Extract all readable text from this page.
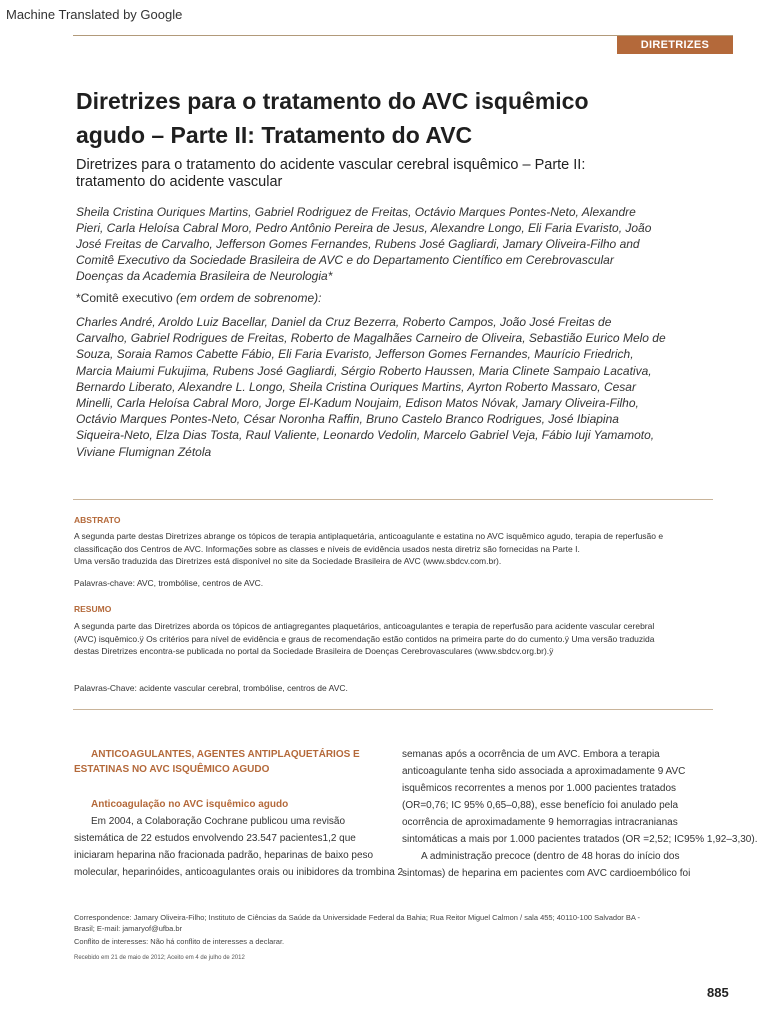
Machine Translated by Google
DIRETRIZES
Diretrizes para o tratamento do AVC isquêmico
agudo – Parte II: Tratamento do AVC
Diretrizes para o tratamento do acidente vascular cerebral isquêmico – Parte II:
tratamento do acidente vascular
Sheila Cristina Ouriques Martins, Gabriel Rodriguez de Freitas, Octávio Marques Pontes-Neto, Alexandre
Pieri, Carla Heloísa Cabral Moro, Pedro Antônio Pereira de Jesus, Alexandre Longo, Eli Faria Evaristo, João
José Freitas de Carvalho, Jefferson Gomes Fernandes, Rubens José Gagliardi, Jamary Oliveira-Filho and
Comitê Executivo da Sociedade Brasileira de AVC e do Departamento Científico em Cerebrovascular
Doenças da Academia Brasileira de Neurologia*
*Comitê executivo (em ordem de sobrenome):
Charles André, Aroldo Luiz Bacellar, Daniel da Cruz Bezerra, Roberto Campos, João José Freitas de
Carvalho, Gabriel Rodrigues de Freitas, Roberto de Magalhães Carneiro de Oliveira, Sebastião Eurico Melo de
Souza, Soraia Ramos Cabette Fábio, Eli Faria Evaristo, Jefferson Gomes Fernandes, Maurício Friedrich,
Marcia Maiumi Fukujima, Rubens José Gagliardi, Sérgio Roberto Haussen, Maria Clinete Sampaio Lacativa,
Bernardo Liberato, Alexandre L. Longo, Sheila Cristina Ouriques Martins, Ayrton Roberto Massaro, Cesar
Minelli, Carla Heloísa Cabral Moro, Jorge El-Kadum Noujaim, Edison Matos Nóvak, Jamary Oliveira-Filho,
Octávio Marques Pontes-Neto, César Noronha Raffin, Bruno Castelo Branco Rodrigues, José Ibiapina
Siqueira-Neto, Elza Dias Tosta, Raul Valiente, Leonardo Vedolin, Marcelo Gabriel Veja, Fábio Iuji Yamamoto,
Viviane Flumignan Zétola
ABSTRATO
A segunda parte destas Diretrizes abrange os tópicos de terapia antiplaquetária, anticoagulante e estatina no AVC isquêmico agudo, terapia de reperfusão e
classificação dos Centros de AVC. Informações sobre as classes e níveis de evidência usados nesta diretriz são fornecidas na Parte I.
Uma versão traduzida das Diretrizes está disponível no site da Sociedade Brasileira de AVC (www.sbdcv.com.br).
Palavras-chave: AVC, trombólise, centros de AVC.
RESUMO
A segunda parte das Diretrizes aborda os tópicos de antiagregantes plaquetários, anticoagulantes e terapia de reperfusão para acidente vascular cerebral
(AVC) isquêmico.ÿ Os critérios para nível de evidência e graus de recomendação estão contidos na primeira parte do do cumento.ÿ Uma versão traduzida
destas Diretrizes encontra-se publicada no portal da Sociedade Brasileira de Doenças Cerebrovasculares (www.sbdcv.org.br).ÿ
Palavras-Chave: acidente vascular cerebral, trombólise, centros de AVC.
ANTICOAGULANTES, AGENTES ANTIPLAQUETÁRIOS E
ESTATINAS NO AVC ISQUÊMICO AGUDO
Anticoagulação no AVC isquêmico agudo
Em 2004, a Colaboração Cochrane publicou uma revisão
sistemática de 22 estudos envolvendo 23.547 pacientes1,2 que
iniciaram heparina não fracionada padrão, heparinas de baixo peso
molecular, heparinóides, anticoagulantes orais ou inibidores da trombina 2
semanas após a ocorrência de um AVC. Embora a terapia
anticoagulante tenha sido associada a aproximadamente 9 AVC
isquêmicos recorrentes a menos por 1.000 pacientes tratados
(OR=0,76; IC 95% 0,65–0,88), esse benefício foi anulado pela
ocorrência de aproximadamente 9 hemorragias intracranianas
sintomáticas a mais por 1.000 pacientes tratados (OR =2,52; IC95% 1,92–3,30).
A administração precoce (dentro de 48 horas do início dos
sintomas) de heparina em pacientes com AVC cardioembólico foi
Correspondence: Jamary Oliveira-Filho; Instituto de Ciências da Saúde da Universidade Federal da Bahia; Rua Reitor Miguel Calmon / sala 455; 40110-100 Salvador BA -
Brasil; E-mail: jamaryof@ufba.br
Conflito de interesses: Não há conflito de interesses a declarar.
Recebido em 21 de maio de 2012; Aceito em 4 de julho de 2012
885
